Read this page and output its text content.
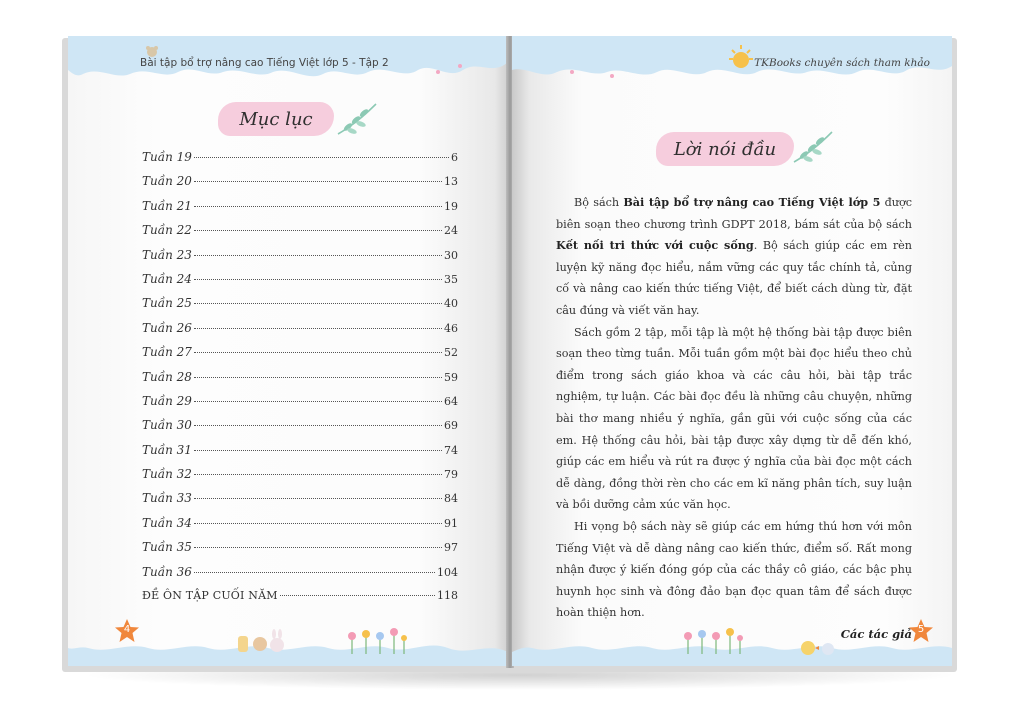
Bài tập bổ trợ nâng cao Tiếng Việt lớp 5 - Tập 2
Mục lục
Tuần 19	6
Tuần 20	13
Tuần 21	19
Tuần 22	24
Tuần 23	30
Tuần 24	35
Tuần 25	40
Tuần 26	46
Tuần 27	52
Tuần 28	59
Tuần 29	64
Tuần 30	69
Tuần 31	74
Tuần 32	79
Tuần 33	84
Tuần 34	91
Tuần 35	97
Tuần 36	104
ĐỀ ÔN TẬP CUỐI NĂM	118
4
TKBooks chuyên sách tham khảo
Lời nói đầu

Bộ sách Bài tập bổ trợ nâng cao Tiếng Việt lớp 5 được biên soạn theo chương trình GDPT 2018, bám sát của bộ sách Kết nối tri thức với cuộc sống. Bộ sách giúp các em rèn luyện kỹ năng đọc hiểu, nắm vững các quy tắc chính tả, củng cố và nâng cao kiến thức tiếng Việt, để biết cách dùng từ, đặt câu đúng và viết văn hay.

Sách gồm 2 tập, mỗi tập là một hệ thống bài tập được biên soạn theo từng tuần. Mỗi tuần gồm một bài đọc hiểu theo chủ điểm trong sách giáo khoa và các câu hỏi, bài tập trắc nghiệm, tự luận. Các bài đọc đều là những câu chuyện, những bài thơ mang nhiều ý nghĩa, gần gũi với cuộc sống của các em. Hệ thống câu hỏi, bài tập được xây dựng từ dễ đến khó, giúp các em hiểu và rút ra được ý nghĩa của bài đọc một cách dễ dàng, đồng thời rèn cho các em kĩ năng phân tích, suy luận và bồi dưỡng cảm xúc văn học.

Hi vọng bộ sách này sẽ giúp các em hứng thú hơn với môn Tiếng Việt và dễ dàng nâng cao kiến thức, điểm số. Rất mong nhận được ý kiến đóng góp của các thầy cô giáo, các bậc phụ huynh học sinh và đông đảo bạn đọc quan tâm để sách được hoàn thiện hơn.

Các tác giả 5
